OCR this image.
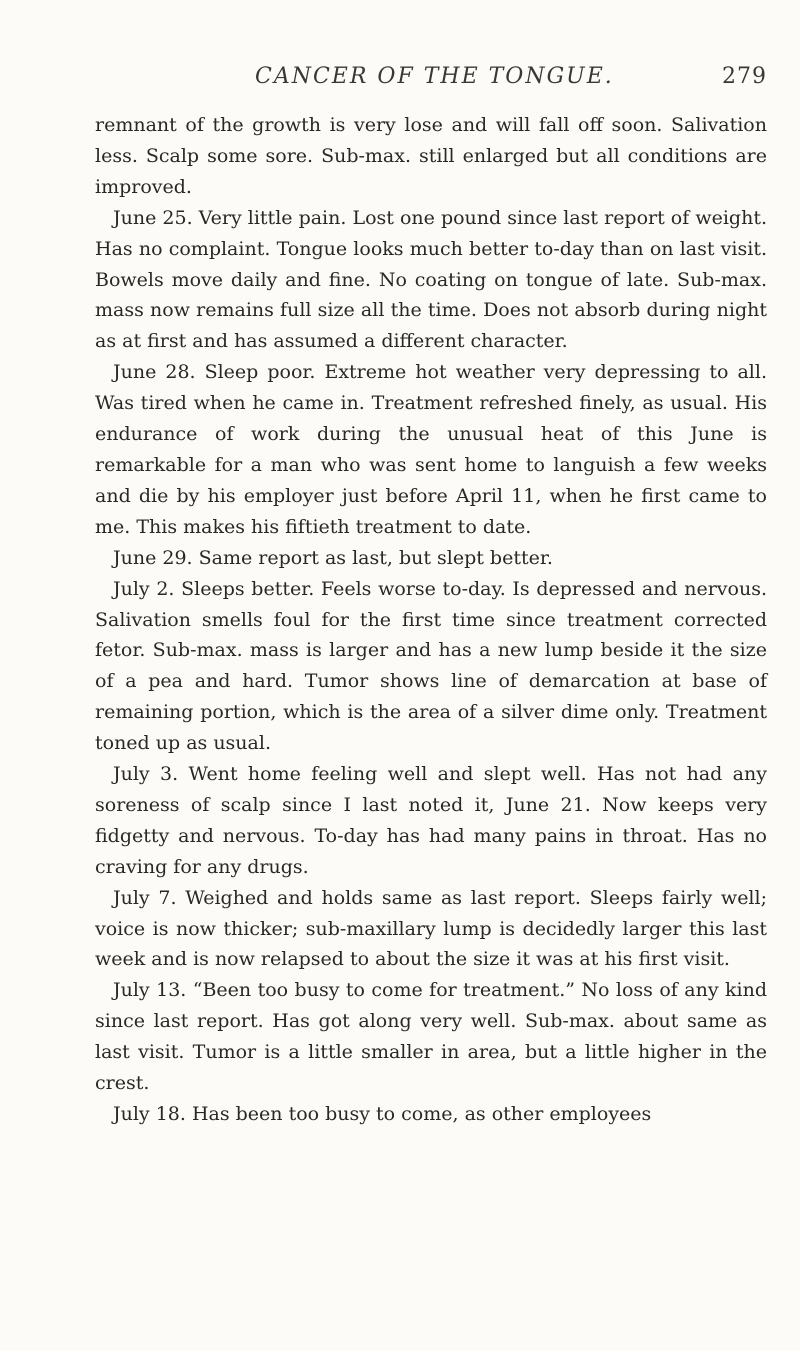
CANCER OF THE TONGUE.	279

remnant of the growth is very lose and will fall off soon. Salivation less. Scalp some sore. Sub-max. still enlarged but all conditions are improved.

June 25. Very little pain. Lost one pound since last report of weight. Has no complaint. Tongue looks much better to-day than on last visit. Bowels move daily and fine. No coating on tongue of late. Sub-max. mass now remains full size all the time. Does not absorb during night as at first and has assumed a different character.

June 28. Sleep poor. Extreme hot weather very depressing to all. Was tired when he came in. Treatment refreshed finely, as usual. His endurance of work during the unusual heat of this June is remarkable for a man who was sent home to languish a few weeks and die by his employer just before April 11, when he first came to me. This makes his fiftieth treatment to date.

June 29. Same report as last, but slept better.

July 2. Sleeps better. Feels worse to-day. Is depressed and nervous. Salivation smells foul for the first time since treatment corrected fetor. Sub-max. mass is larger and has a new lump beside it the size of a pea and hard. Tumor shows line of demarcation at base of remaining portion, which is the area of a silver dime only. Treatment toned up as usual.

July 3. Went home feeling well and slept well. Has not had any soreness of scalp since I last noted it, June 21. Now keeps very fidgetty and nervous. To-day has had many pains in throat. Has no craving for any drugs.

July 7. Weighed and holds same as last report. Sleeps fairly well; voice is now thicker; sub-maxillary lump is decidedly larger this last week and is now relapsed to about the size it was at his first visit.

July 13. “Been too busy to come for treatment.” No loss of any kind since last report. Has got along very well. Sub-max. about same as last visit. Tumor is a little smaller in area, but a little higher in the crest.

July 18. Has been too busy to come, as other employees
